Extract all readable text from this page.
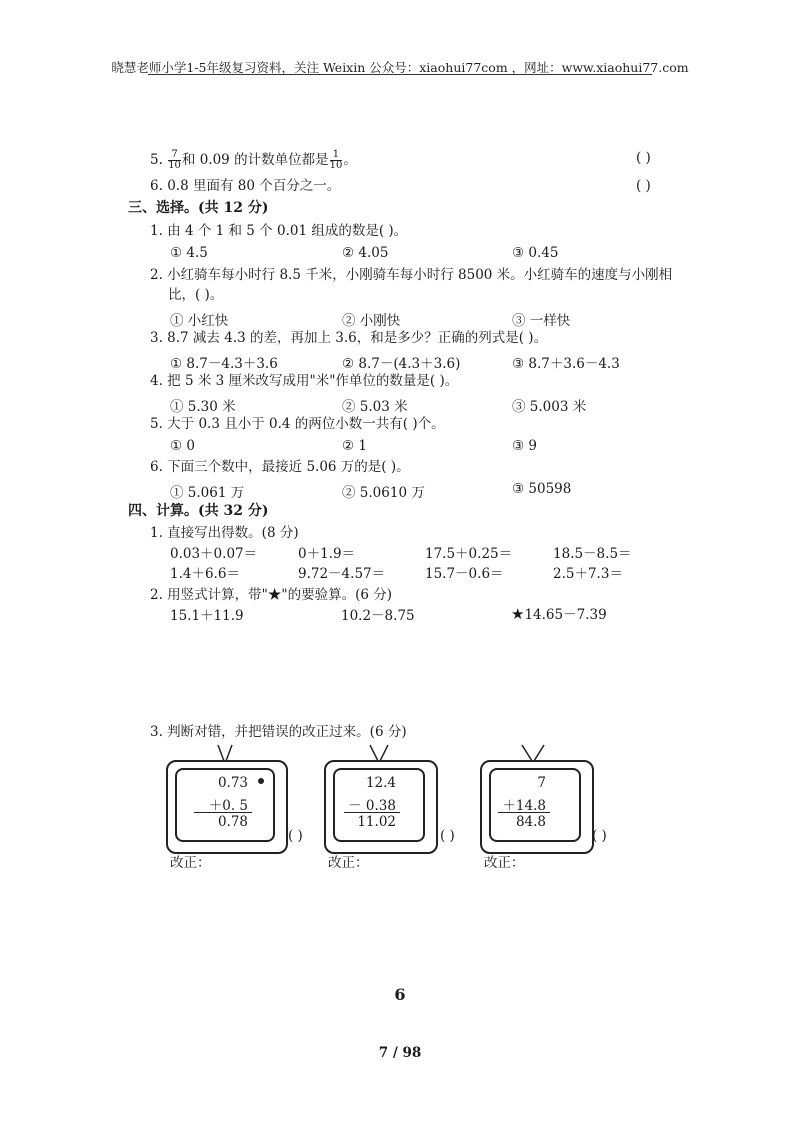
晓慧老师小学1-5年级复习资料，关注 Weixin 公众号：xiaohui77com ，网址：www.xiaohui77.com
5. $\frac{7}{10}$ 和 0.09 的计数单位都是 $\frac{1}{10}$ 。	( )
6. 0.8 里面有 80 个百分之一。	( )
三、选择。(共 12 分)
1. 由 4 个 1 和 5 个 0.01 组成的数是( )。
① 4.5	② 4.05	③ 0.45
2. 小红骑车每小时行 8.5 千米，小刚骑车每小时行 8500 米。小红骑车的速度与小刚相
比，( )。
① 小红快	② 小刚快	③ 一样快
3. 8.7 减去 4.3 的差，再加上 3.6，和是多少？正确的列式是( )。
① 8.7－4.3＋3.6	② 8.7－(4.3＋3.6)	③ 8.7＋3.6－4.3
4. 把 5 米 3 厘米改写成用"米"作单位的数量是( )。
① 5.30 米	② 5.03 米	③ 5.003 米
5. 大于 0.3 且小于 0.4 的两位小数一共有( )个。
① 0	② 1	③ 9
6. 下面三个数中，最接近 5.06 万的是( )。
① 5.061 万	② 5.0610 万	③ 50598
四、计算。(共 32 分)
1. 直接写出得数。(8 分)
0.03＋0.07＝	0＋1.9＝	17.5＋0.25＝	18.5－8.5＝
1.4＋6.6＝	9.72－4.57＝	15.7－0.6＝	2.5＋7.3＝
2. 用竖式计算，带"★"的要验算。(6 分)
15.1＋11.9	10.2－8.75	★14.65－7.39
3. 判断对错，并把错误的改正过来。(6 分)
0.73
＋0. 5
0.78
( )
改正：
12.4
－ 0.38
11.02
( )
改正：
7
＋14.8
84.8
( )
改正：
6
7 / 98
